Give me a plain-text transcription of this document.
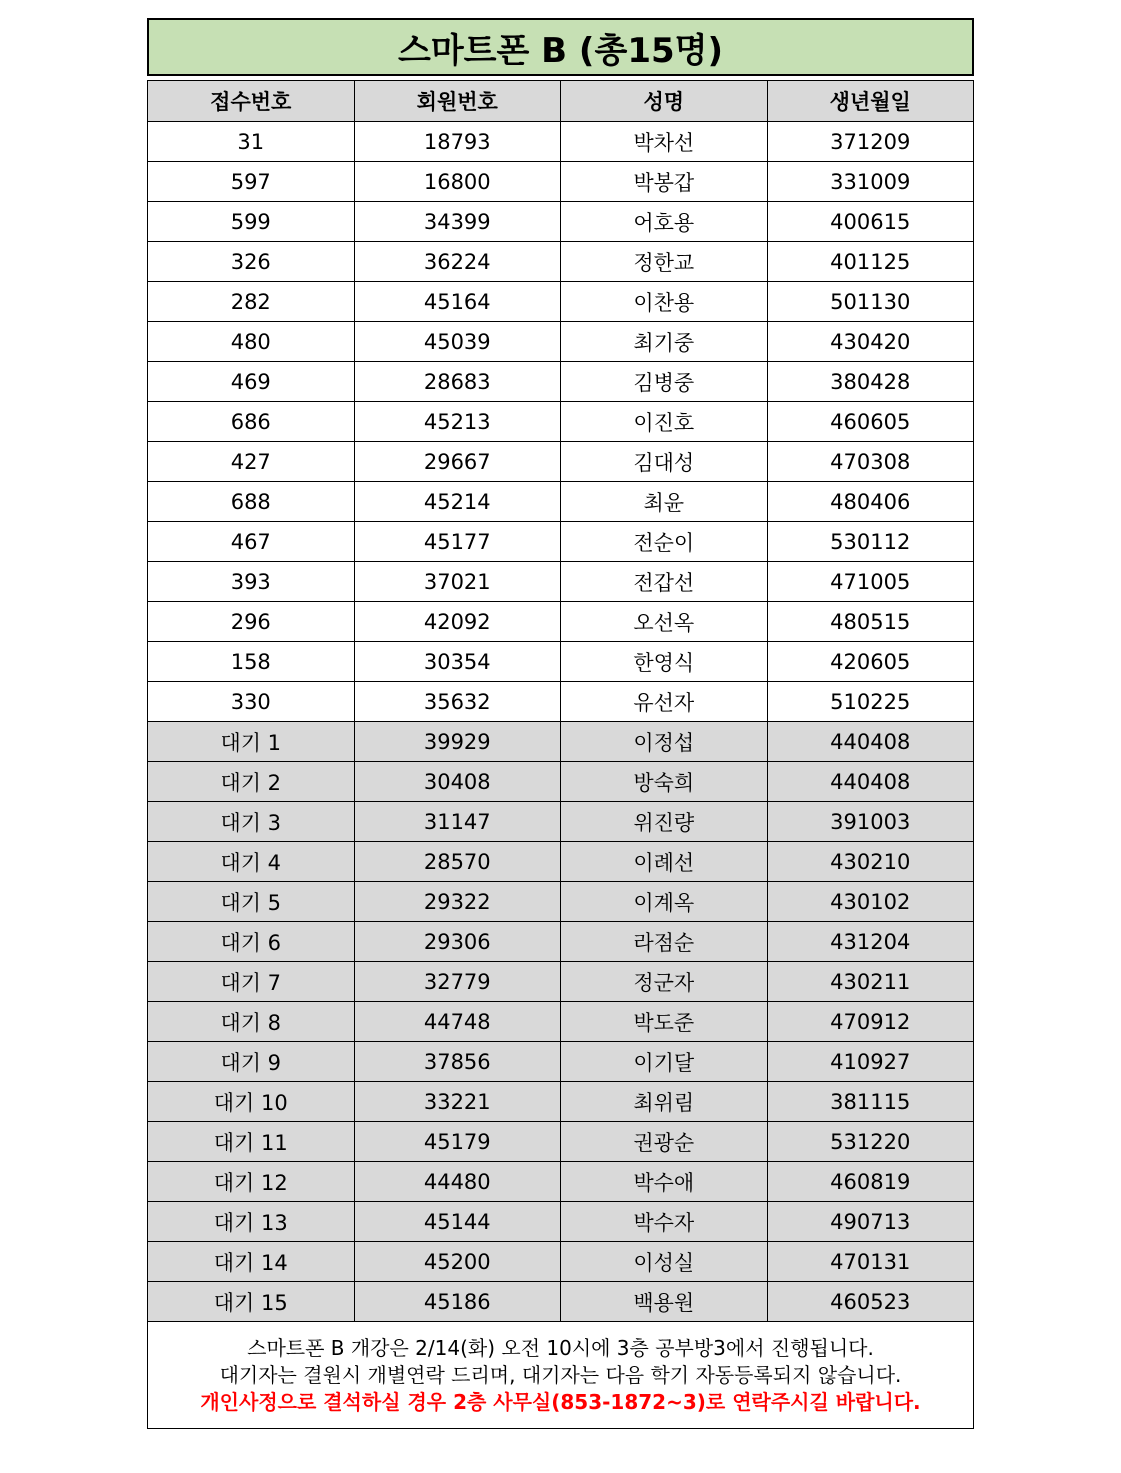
스마트폰 B (총15명)
접수번호	회원번호	성명	생년월일
31	18793	박차선	371209
597	16800	박봉갑	331009
599	34399	어호용	400615
326	36224	정한교	401125
282	45164	이찬용	501130
480	45039	최기중	430420
469	28683	김병중	380428
686	45213	이진호	460605
427	29667	김대성	470308
688	45214	최윤	480406
467	45177	전순이	530112
393	37021	전갑선	471005
296	42092	오선옥	480515
158	30354	한영식	420605
330	35632	유선자	510225
대기 1	39929	이정섭	440408
대기 2	30408	방숙희	440408
대기 3	31147	위진량	391003
대기 4	28570	이례선	430210
대기 5	29322	이계옥	430102
대기 6	29306	라점순	431204
대기 7	32779	정군자	430211
대기 8	44748	박도준	470912
대기 9	37856	이기달	410927
대기 10	33221	최위림	381115
대기 11	45179	권광순	531220
대기 12	44480	박수애	460819
대기 13	45144	박수자	490713
대기 14	45200	이성실	470131
대기 15	45186	백용원	460523
스마트폰 B 개강은 2/14(화) 오전 10시에 3층 공부방3에서 진행됩니다.
대기자는 결원시 개별연락 드리며, 대기자는 다음 학기 자동등록되지 않습니다.
개인사정으로 결석하실 경우 2층 사무실(853-1872~3)로 연락주시길 바랍니다.
